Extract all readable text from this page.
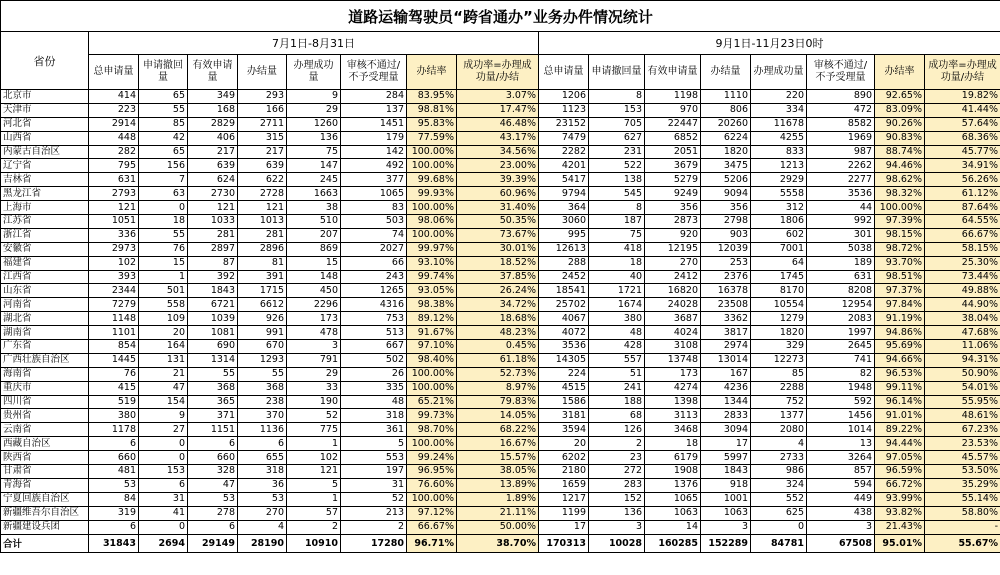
道路运输驾驶员“跨省通办”业务办件情况统计																
省份	7月1日-8月31日								9月1日-11月23日0时							
	总申请量	申请撤回量	有效申请量	办结量	办理成功量	审核不通过/不予受理量	办结率	成功率=办理成功量/办结	总申请量	申请撤回量	有效申请量	办结量	办理成功量	审核不通过/不予受理量	办结率	成功率=办理成功量/办结
北京市	414	65	349	293	9	284	83.95%	3.07%	1206	8	1198	1110	220	890	92.65%	19.82%
天津市	223	55	168	166	29	137	98.81%	17.47%	1123	153	970	806	334	472	83.09%	41.44%
河北省	2914	85	2829	2711	1260	1451	95.83%	46.48%	23152	705	22447	20260	11678	8582	90.26%	57.64%
山西省	448	42	406	315	136	179	77.59%	43.17%	7479	627	6852	6224	4255	1969	90.83%	68.36%
内蒙古自治区	282	65	217	217	75	142	100.00%	34.56%	2282	231	2051	1820	833	987	88.74%	45.77%
辽宁省	795	156	639	639	147	492	100.00%	23.00%	4201	522	3679	3475	1213	2262	94.46%	34.91%
吉林省	631	7	624	622	245	377	99.68%	39.39%	5417	138	5279	5206	2929	2277	98.62%	56.26%
黑龙江省	2793	63	2730	2728	1663	1065	99.93%	60.96%	9794	545	9249	9094	5558	3536	98.32%	61.12%
上海市	121	0	121	121	38	83	100.00%	31.40%	364	8	356	356	312	44	100.00%	87.64%
江苏省	1051	18	1033	1013	510	503	98.06%	50.35%	3060	187	2873	2798	1806	992	97.39%	64.55%
浙江省	336	55	281	281	207	74	100.00%	73.67%	995	75	920	903	602	301	98.15%	66.67%
安徽省	2973	76	2897	2896	869	2027	99.97%	30.01%	12613	418	12195	12039	7001	5038	98.72%	58.15%
福建省	102	15	87	81	15	66	93.10%	18.52%	288	18	270	253	64	189	93.70%	25.30%
江西省	393	1	392	391	148	243	99.74%	37.85%	2452	40	2412	2376	1745	631	98.51%	73.44%
山东省	2344	501	1843	1715	450	1265	93.05%	26.24%	18541	1721	16820	16378	8170	8208	97.37%	49.88%
河南省	7279	558	6721	6612	2296	4316	98.38%	34.72%	25702	1674	24028	23508	10554	12954	97.84%	44.90%
湖北省	1148	109	1039	926	173	753	89.12%	18.68%	4067	380	3687	3362	1279	2083	91.19%	38.04%
湖南省	1101	20	1081	991	478	513	91.67%	48.23%	4072	48	4024	3817	1820	1997	94.86%	47.68%
广东省	854	164	690	670	3	667	97.10%	0.45%	3536	428	3108	2974	329	2645	95.69%	11.06%
广西壮族自治区	1445	131	1314	1293	791	502	98.40%	61.18%	14305	557	13748	13014	12273	741	94.66%	94.31%
海南省	76	21	55	55	29	26	100.00%	52.73%	224	51	173	167	85	82	96.53%	50.90%
重庆市	415	47	368	368	33	335	100.00%	8.97%	4515	241	4274	4236	2288	1948	99.11%	54.01%
四川省	519	154	365	238	190	48	65.21%	79.83%	1586	188	1398	1344	752	592	96.14%	55.95%
贵州省	380	9	371	370	52	318	99.73%	14.05%	3181	68	3113	2833	1377	1456	91.01%	48.61%
云南省	1178	27	1151	1136	775	361	98.70%	68.22%	3594	126	3468	3094	2080	1014	89.22%	67.23%
西藏自治区	6	0	6	6	1	5	100.00%	16.67%	20	2	18	17	4	13	94.44%	23.53%
陕西省	660	0	660	655	102	553	99.24%	15.57%	6202	23	6179	5997	2733	3264	97.05%	45.57%
甘肃省	481	153	328	318	121	197	96.95%	38.05%	2180	272	1908	1843	986	857	96.59%	53.50%
青海省	53	6	47	36	5	31	76.60%	13.89%	1659	283	1376	918	324	594	66.72%	35.29%
宁夏回族自治区	84	31	53	53	1	52	100.00%	1.89%	1217	152	1065	1001	552	449	93.99%	55.14%
新疆维吾尔自治区	319	41	278	270	57	213	97.12%	21.11%	1199	136	1063	1063	625	438	93.82%	58.80%
新疆建设兵团	6	0	6	4	2	2	66.67%	50.00%	17	3	14	3	0	3	21.43%	-
合计	31843	2694	29149	28190	10910	17280	96.71%	38.70%	170313	10028	160285	152289	84781	67508	95.01%	55.67%
